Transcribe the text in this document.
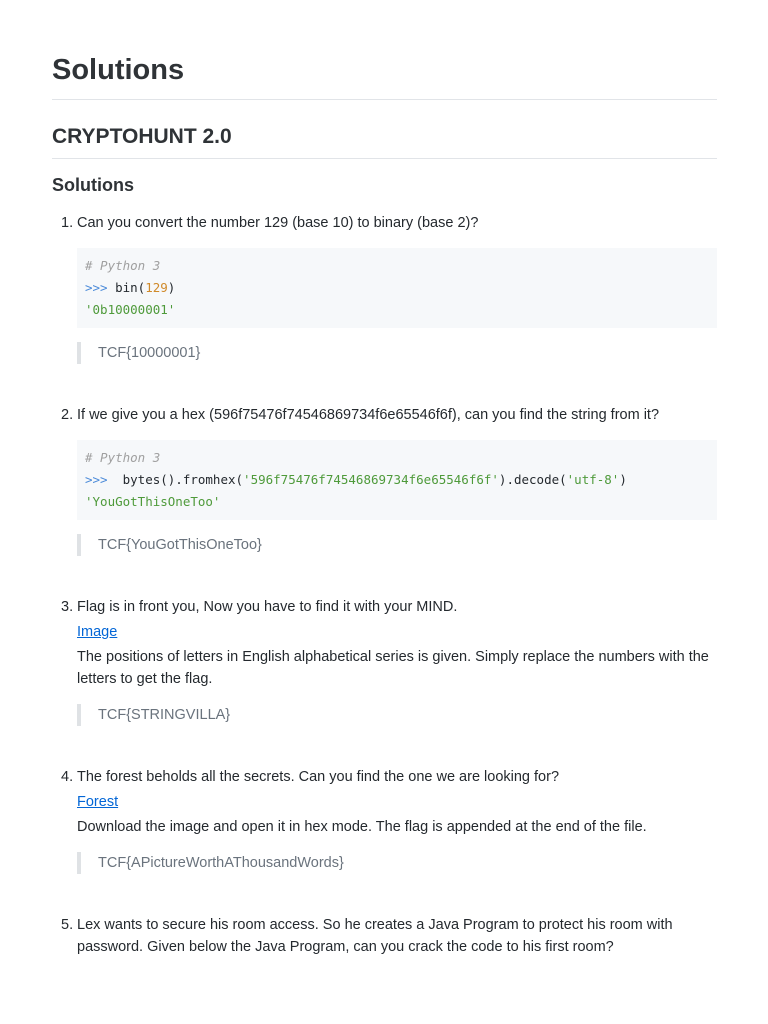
Solutions
CRYPTOHUNT 2.0
Solutions
Can you convert the number 129 (base 10) to binary (base 2)?
# Python 3
>>> bin(129)
'0b10000001'
TCF{10000001}
If we give you a hex (596f75476f74546869734f6e65546f6f), can you find the string from it?
# Python 3
>>>  bytes().fromhex('596f75476f74546869734f6e65546f6f').decode('utf-8')
'YouGotThisOneToo'
TCF{YouGotThisOneToo}
Flag is in front you, Now you have to find it with your MIND.
Image
The positions of letters in English alphabetical series is given. Simply replace the numbers with the letters to get the flag.
TCF{STRINGVILLA}
The forest beholds all the secrets. Can you find the one we are looking for?
Forest
Download the image and open it in hex mode. The flag is appended at the end of the file.
TCF{APictureWorthAThousandWords}
Lex wants to secure his room access. So he creates a Java Program to protect his room with password. Given below the Java Program, can you crack the code to his first room?
